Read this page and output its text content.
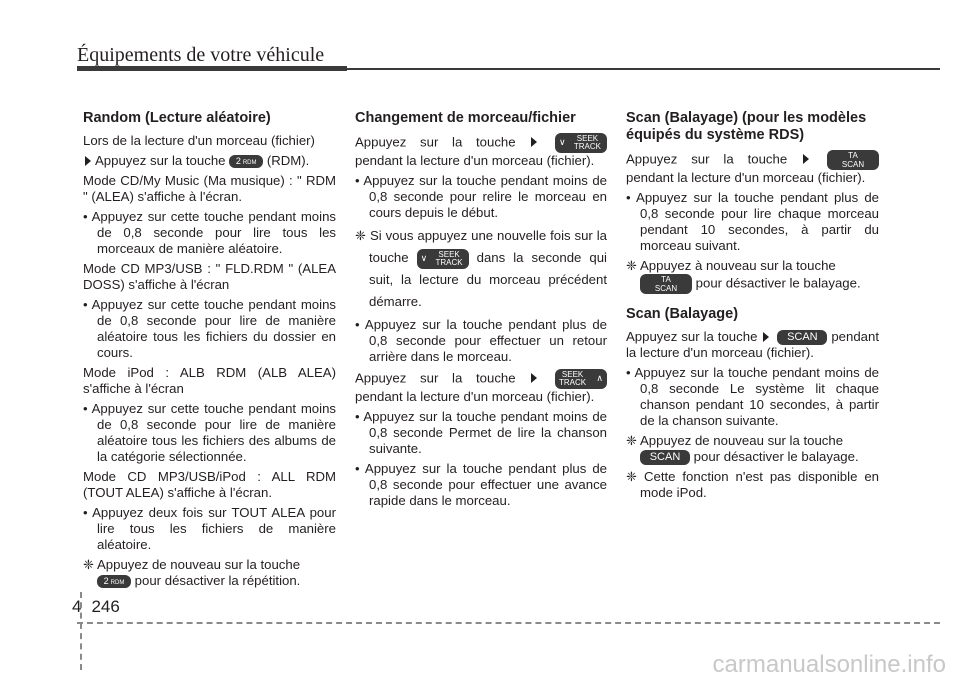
Équipements de votre véhicule
Random (Lecture aléatoire)

Lors de la lecture d'un morceau (fichier)

Appuyez sur la touche 2 RDM (RDM).

Mode CD/My Music (Ma musique) : " RDM " (ALEA) s'affiche à l'écran.

• Appuyez sur cette touche pendant moins de 0,8 seconde pour lire tous les morceaux de manière aléatoire.

Mode CD MP3/USB : " FLD.RDM " (ALEA DOSS) s'affiche à l'écran

• Appuyez sur cette touche pendant moins de 0,8 seconde pour lire de manière aléatoire tous les fichiers du dossier en cours.

Mode iPod : ALB RDM (ALB ALEA) s'affiche à l'écran

• Appuyez sur cette touche pendant moins de 0,8 seconde pour lire de manière aléatoire tous les fichiers des albums de la catégorie sélectionnée.

Mode CD MP3/USB/iPod : ALL RDM (TOUT ALEA) s'affiche à l'écran.

• Appuyez deux fois sur TOUT ALEA pour lire tous les fichiers de manière aléatoire.

❈ Appuyez de nouveau sur la touche
2 RDM pour désactiver la répétition.

Changement de morceau/fichier

Appuyez sur la touche	∨	SEEK
TRACK
pendant la lecture d'un morceau (fichier).

• Appuyez sur la touche pendant moins de 0,8 seconde pour relire le morceau en cours depuis le début.

❈ Si vous appuyez une nouvelle fois sur la touche ∨	SEEK
TRACK dans la seconde qui suit, la lecture du morceau précédent démarre.

• Appuyez sur la touche pendant plus de 0,8 seconde pour effectuer un retour arrière dans le morceau.

Appuyez sur la touche	SEEK
TRACK ∧
pendant la lecture d'un morceau (fichier).

• Appuyez sur la touche pendant moins de 0,8 seconde Permet de lire la chanson suivante.

• Appuyez sur la touche pendant plus de 0,8 seconde pour effectuer une avance rapide dans le morceau.

Scan (Balayage) (pour les modèles équipés du système RDS)

Appuyez sur la touche	TA
SCAN pendant la lecture d'un morceau (fichier).

• Appuyez sur la touche pendant plus de 0,8 seconde pour lire chaque morceau pendant 10 secondes, à partir du morceau suivant.

❈ Appuyez à nouveau sur la touche
TA
SCAN pour désactiver le balayage.

Scan (Balayage)

Appuyez sur la touche	SCAN pendant la lecture d'un morceau (fichier).

• Appuyez sur la touche pendant moins de 0,8 seconde Le système lit chaque chanson pendant 10 secondes, à partir de la chanson suivante.

❈ Appuyez de nouveau sur la touche
SCAN pour désactiver le balayage.

❈ Cette fonction n'est pas disponible en mode iPod.

4 246
carmanualsonline.info
